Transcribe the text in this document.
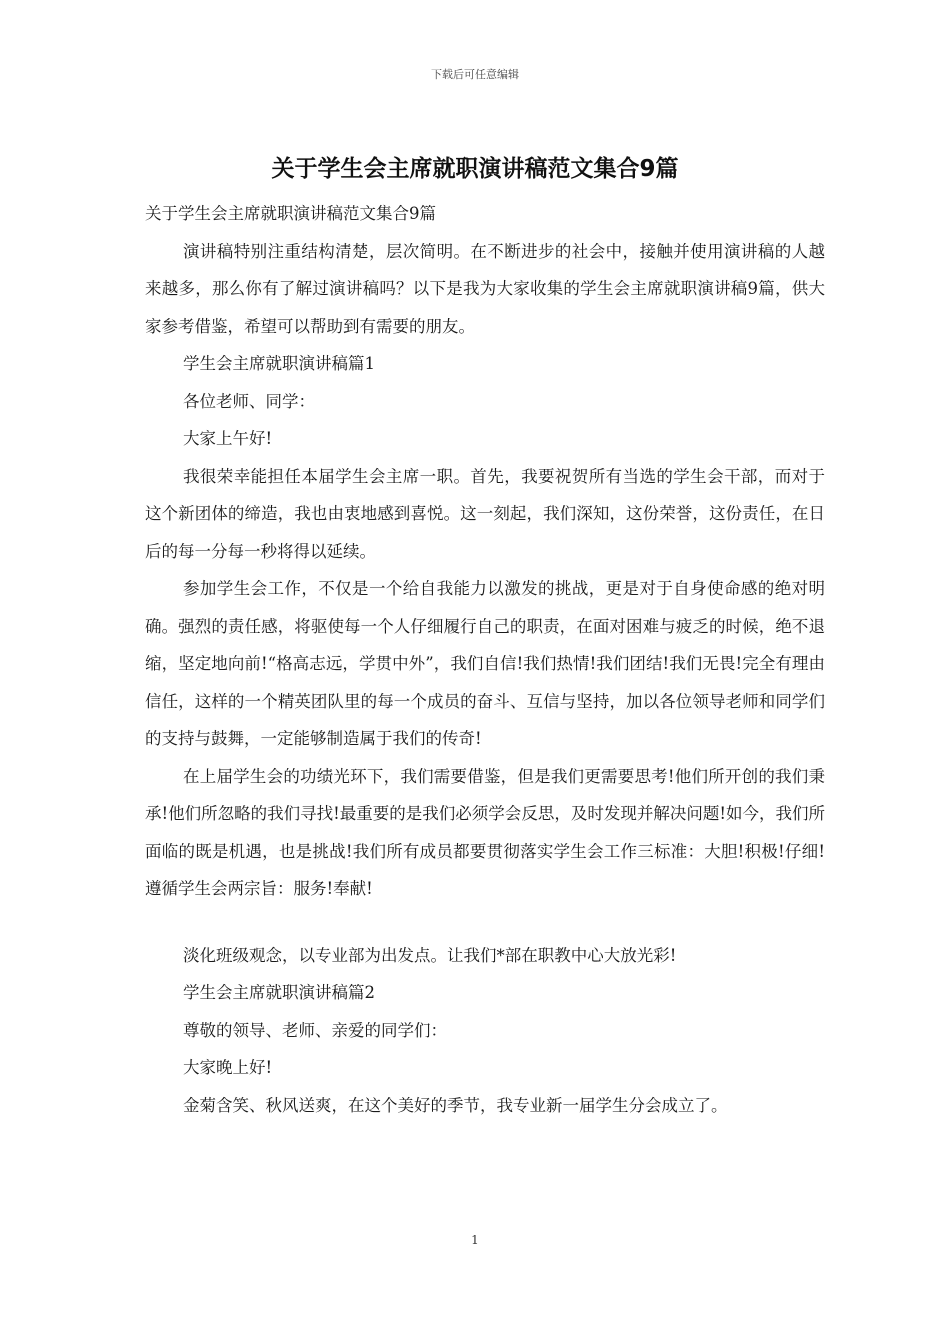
下载后可任意编辑
关于学生会主席就职演讲稿范文集合9篇

关于学生会主席就职演讲稿范文集合9篇

演讲稿特别注重结构清楚，层次简明。在不断进步的社会中，接触并使用演讲稿的人越来越多，那么你有了解过演讲稿吗？以下是我为大家收集的学生会主席就职演讲稿9篇，供大家参考借鉴，希望可以帮助到有需要的朋友。

学生会主席就职演讲稿篇1

各位老师、同学：

大家上午好!

我很荣幸能担任本届学生会主席一职。首先，我要祝贺所有当选的学生会干部，而对于这个新团体的缔造，我也由衷地感到喜悦。这一刻起，我们深知，这份荣誉，这份责任，在日后的每一分每一秒将得以延续。

参加学生会工作，不仅是一个给自我能力以激发的挑战，更是对于自身使命感的绝对明确。强烈的责任感，将驱使每一个人仔细履行自己的职责，在面对困难与疲乏的时候，绝不退缩，坚定地向前!“格高志远，学贯中外”，我们自信!我们热情!我们团结!我们无畏!完全有理由信任，这样的一个精英团队里的每一个成员的奋斗、互信与坚持，加以各位领导老师和同学们的支持与鼓舞，一定能够制造属于我们的传奇!

在上届学生会的功绩光环下，我们需要借鉴，但是我们更需要思考!他们所开创的我们秉承!他们所忽略的我们寻找!最重要的是我们必须学会反思，及时发现并解决问题!如今，我们所面临的既是机遇，也是挑战!我们所有成员都要贯彻落实学生会工作三标准：大胆!积极!仔细!遵循学生会两宗旨：服务!奉献!

淡化班级观念，以专业部为出发点。让我们*部在职教中心大放光彩!

学生会主席就职演讲稿篇2

尊敬的领导、老师、亲爱的同学们：

大家晚上好!

金菊含笑、秋风送爽，在这个美好的季节，我专业新一届学生分会成立了。

1
